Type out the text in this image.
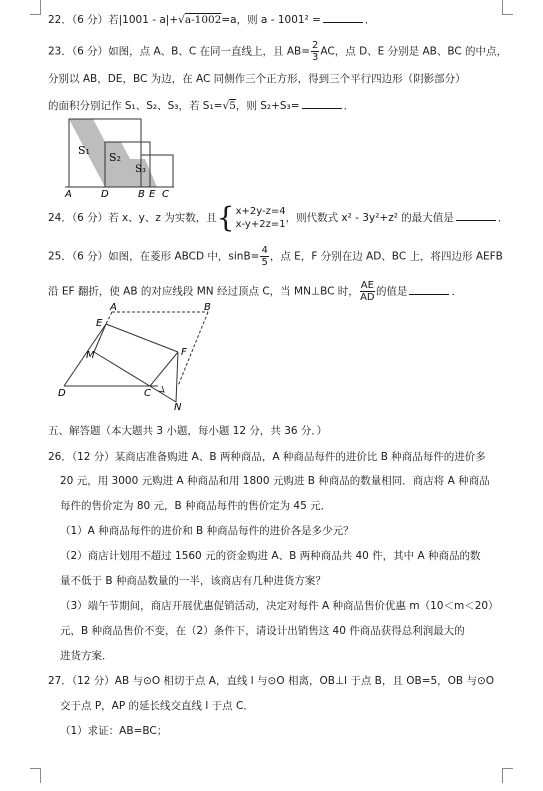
22．（6 分）若|1001 - a|+√a-1002=a，则 a - 1001² =	．
23．（6 分）如图，点 A、B、C 在同一直线上，且 $AB= \frac{2}{3}$ AC，点 D、E 分别是 AB、BC 的中点，
分别以 AB，DE，BC 为边，在 AC 同侧作三个正方形，得到三个平行四边形（阴影部分）
的面积分别记作 S₁、S₂、S₃，若 S₁=√5，则 S₂+S₃=	．
S₁
S₂
S₃
A	D	B E C
24．（6 分）若 x、y、z 为实数，且 { x+2y-z=4
x-y+2z=1
，则代数式 x² - 3y²+z² 的最大值是	．
25．（6 分）如图，在菱形 ABCD 中，$\sin B= \frac{4}{5}$ ，点 E，F 分别在边 AD、BC 上，将四边形 AEFB
沿 EF 翻折，使 AB 的对应线段 MN 经过顶点 C，当 MN⊥BC 时， $\frac{AE}{AD}$ 的值是	．
A	B
E
M	F
D	C
N
五、解答题（本大题共 3 小题，每小题 12 分，共 36 分．）
26．（12 分）某商店准备购进 A、B 两种商品，A 种商品每件的进价比 B 种商品每件的进价多
20 元，用 3000 元购进 A 种商品和用 1800 元购进 B 种商品的数量相同．商店将 A 种商品
每件的售价定为 80 元，B 种商品每件的售价定为 45 元．
（1）A 种商品每件的进价和 B 种商品每件的进价各是多少元？
（2）商店计划用不超过 1560 元的资金购进 A、B 两种商品共 40 件，其中 A 种商品的数
量不低于 B 种商品数量的一半，该商店有几种进货方案？
（3）端午节期间，商店开展优惠促销活动，决定对每件 A 种商品售价优惠 m（10＜m＜20）
元，B 种商品售价不变，在（2）条件下，请设计出销售这 40 件商品获得总利润最大的
进货方案．
27．（12 分）AB 与⊙O 相切于点 A，直线 l 与⊙O 相离，OB⊥l 于点 B，且 OB=5，OB 与⊙O
交于点 P，AP 的延长线交直线 l 于点 C．
（1）求证：AB=BC；
